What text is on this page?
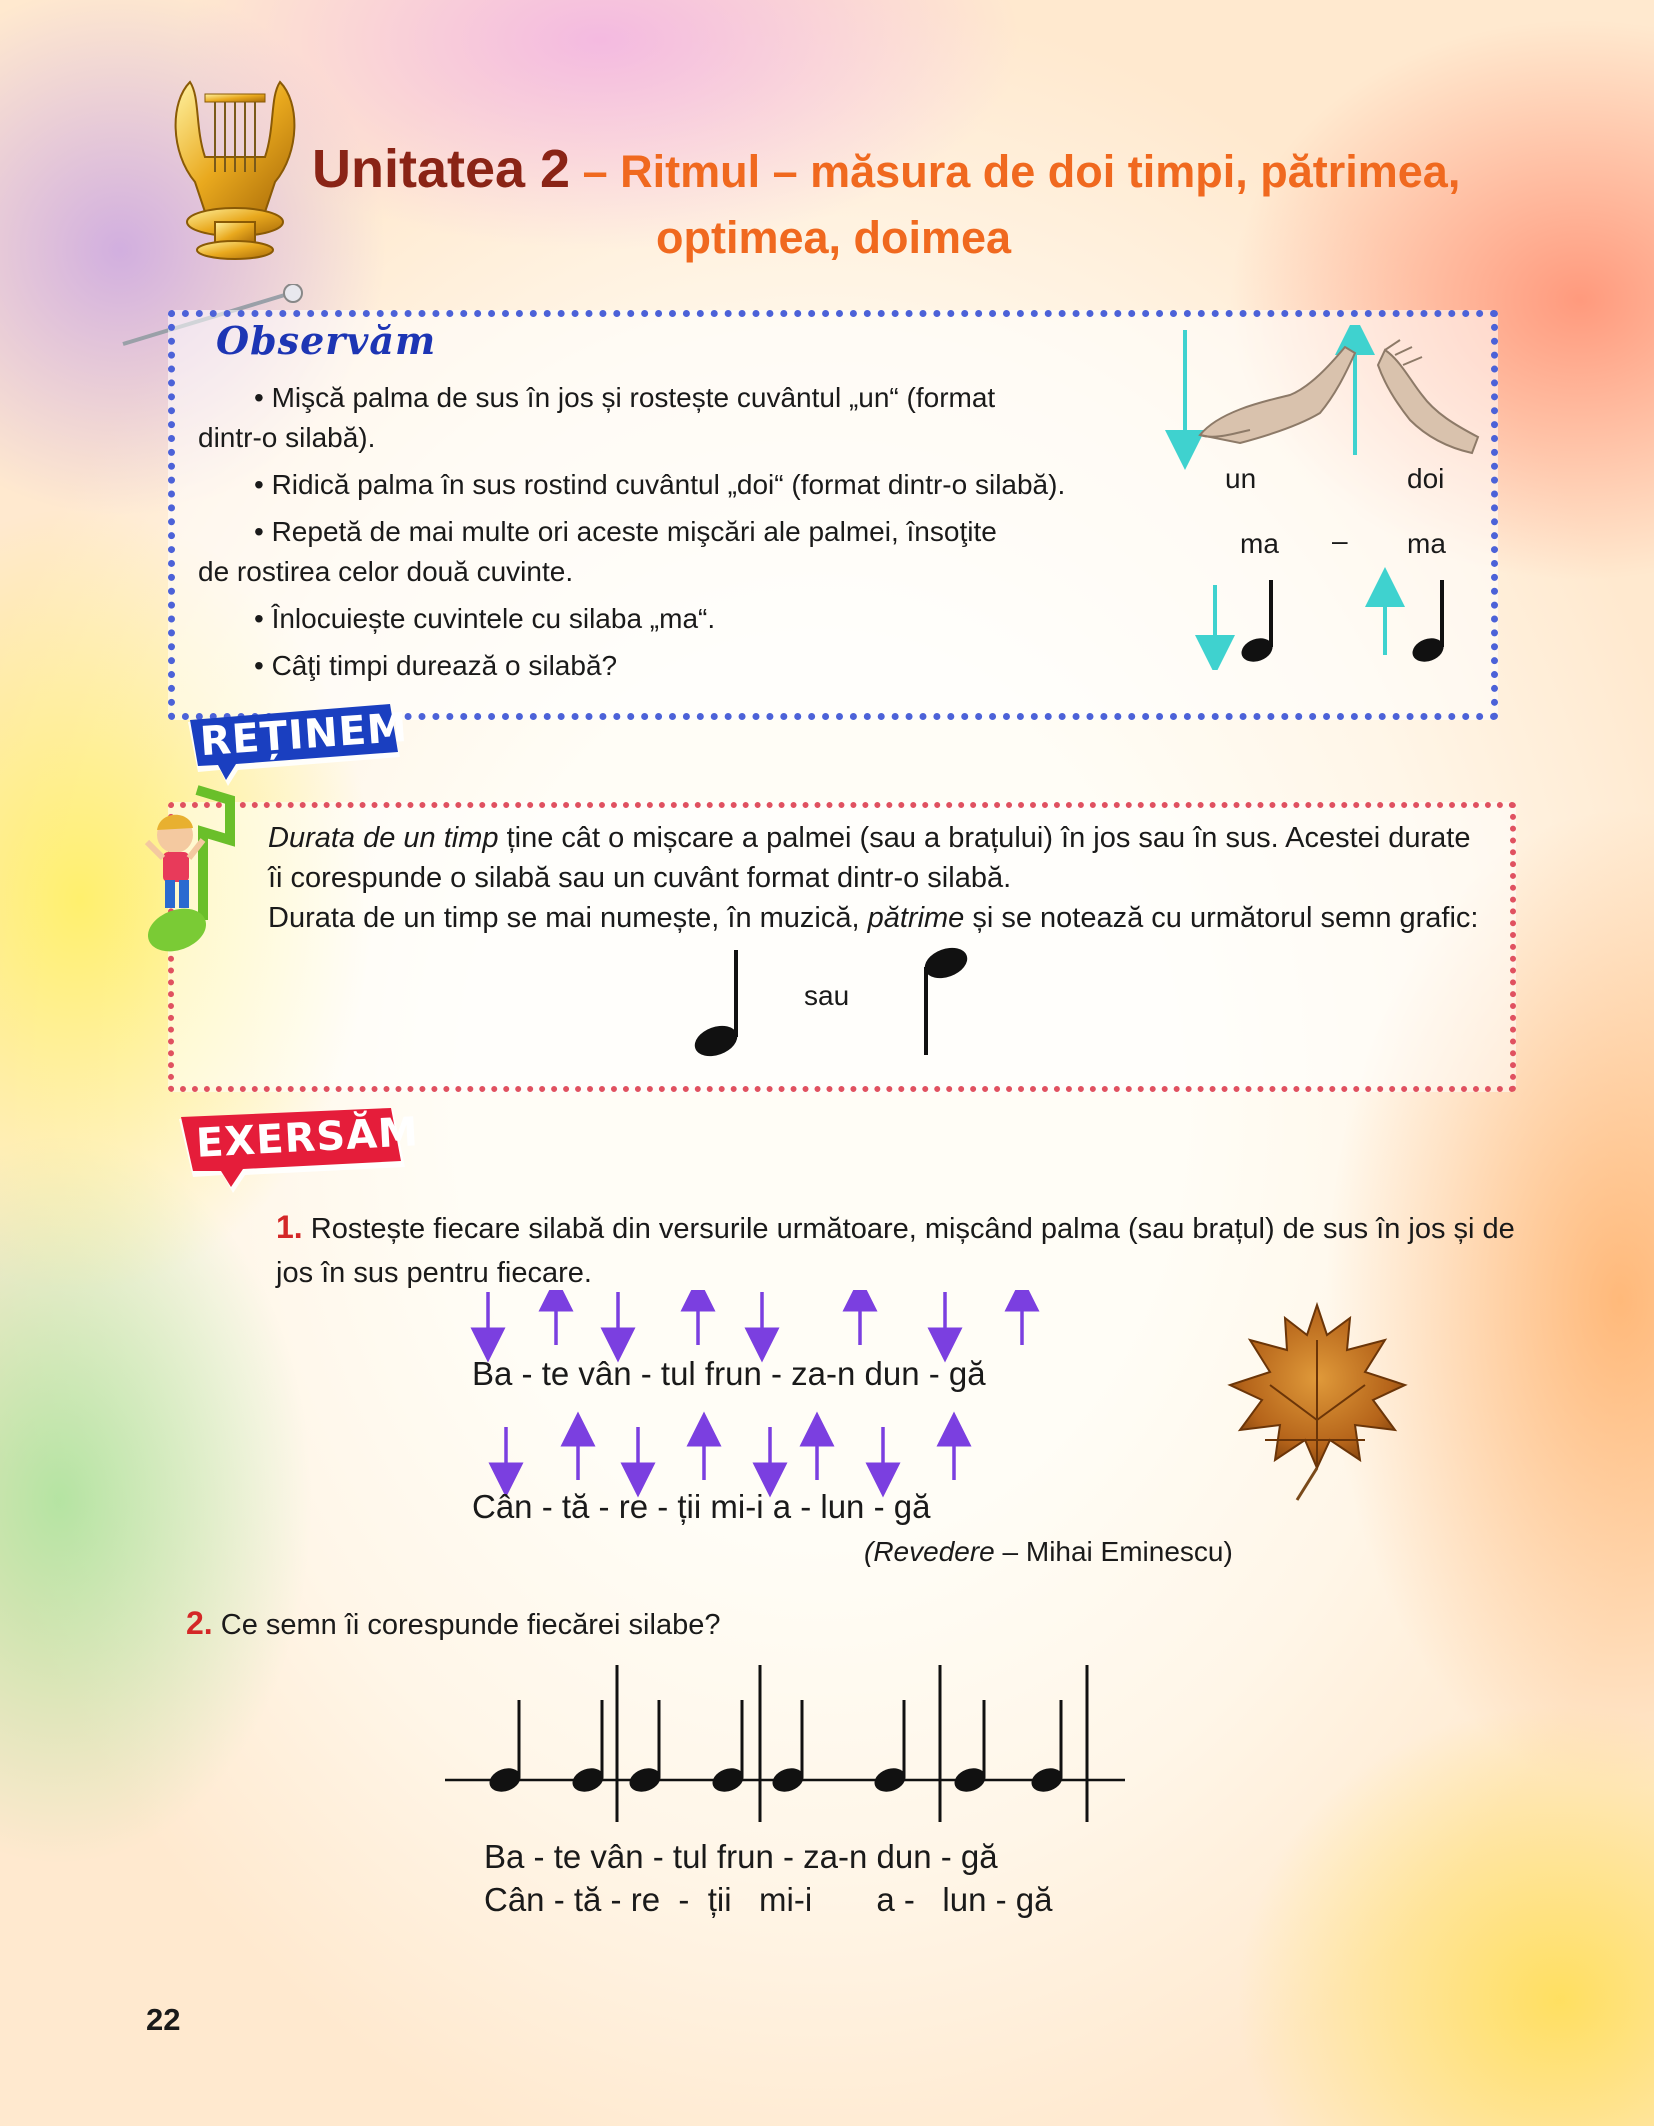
Unitatea 2 – Ritmul – măsura de doi timpi, pătrimea,
optimea, doimea
Observăm

• Mişcă palma de sus în jos și rostește cuvântul „un“ (format
dintr-o silabă).

• Ridică palma în sus rostind cuvântul „doi“ (format dintr-o silabă).

• Repetă de mai multe ori aceste mişcări ale palmei, însoţite
de rostirea celor două cuvinte.

• Înlocuiește cuvintele cu silaba „ma“.

• Câţi timpi durează o silabă?

un	doi
ma – ma
REȚINEM

Durata de un timp ține cât o mișcare a palmei (sau a brațului) în jos sau în sus. Acestei durate

îi corespunde o silabă sau un cuvânt format dintr-o silabă.

Durata de un timp se mai numește, în muzică, pătrime și se notează cu următorul semn grafic:

sau
EXERSĂM
1. Rostește fiecare silabă din versurile următoare, mișcând palma (sau brațul) de sus în jos și de jos în sus pentru fiecare.
Ba - te vân - tul frun - za-n dun - gă
Cân - tă - re - ții mi-i a - lun - gă
(Revedere – Mihai Eminescu)
2. Ce semn îi corespunde fiecărei silabe?
Ba - te vân - tul frun - za-n dun - gă
Cân - tă - re  -  ții   mi-i       a -   lun - gă
22
